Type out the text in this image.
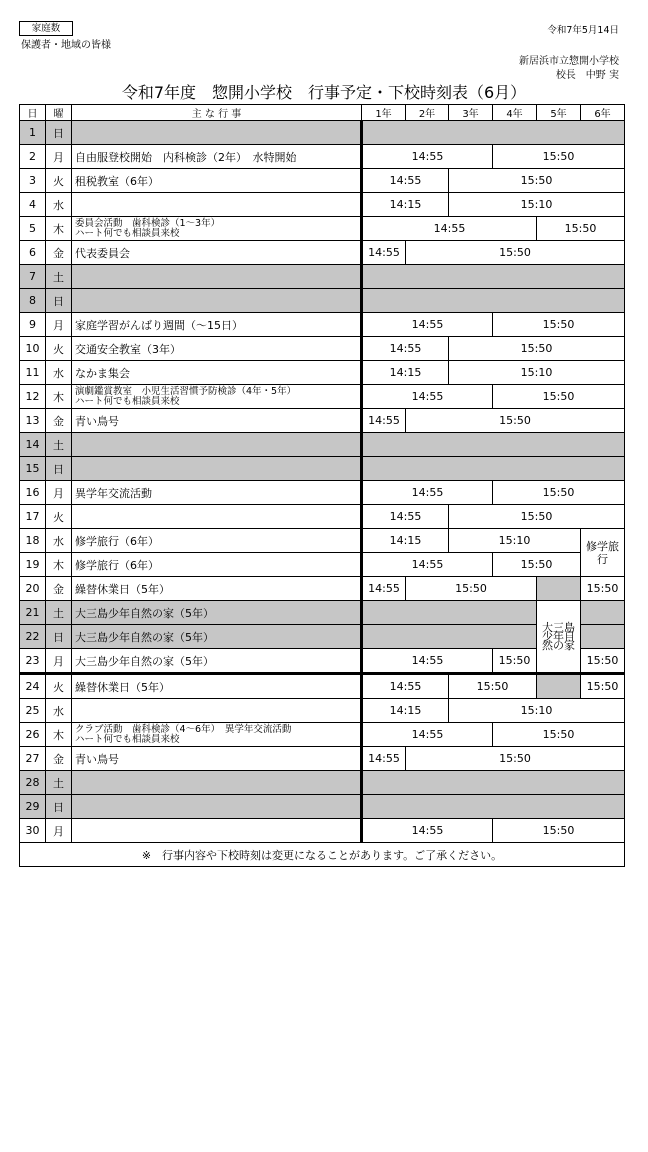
家庭数
保護者・地域の皆様
令和7年5月14日
新居浜市立惣開小学校
校長　中野 実
令和7年度　惣開小学校　行事予定・下校時刻表（6月）
日	曜	主 な 行 事	1年	2年	3年	4年	5年	6年
1	日							
2	月	自由服登校開始　内科検診（2年）　水特開始	14:55			15:50		
3	火	租税教室（6年）	14:55		15:50			
4	水		14:15		15:10			
5	木	委員会活動　歯科検診（1～3年）
ハート何でも相談員来校	14:55				15:50	
6	金	代表委員会	14:55	15:50				
7	土							
8	日							
9	月	家庭学習がんばり週間（～15日）	14:55			15:50		
10	火	交通安全教室（3年）	14:55		15:50			
11	水	なかま集会	14:15		15:10			
12	木	演劇鑑賞教室　小児生活習慣予防検診（4年・5年）
ハート何でも相談員来校	14:55			15:50		
13	金	青い鳥号	14:55	15:50				
14	土							
15	日							
16	月	異学年交流活動	14:55			15:50		
17	火		14:55		15:50			
18	水	修学旅行（6年）	14:15		15:10			修学旅行
19	木	修学旅行（6年）	14:55			15:50		
20	金	繰替休業日（5年）	14:55	15:50				15:50
21	土	大三島少年自然の家（5年）					大三島少年自然の家	
22	日	大三島少年自然の家（5年）						
23	月	大三島少年自然の家（5年）	14:55			15:50		15:50
24	火	繰替休業日（5年）	14:55		15:50			15:50
25	水		14:15		15:10			
26	木	クラブ活動　歯科検診（4～6年）　異学年交流活動
ハート何でも相談員来校	14:55			15:50		
27	金	青い鳥号	14:55	15:50				
28	土							
29	日							
30	月		14:55			15:50		
※　行事内容や下校時刻は変更になることがあります。ご了承ください。								
